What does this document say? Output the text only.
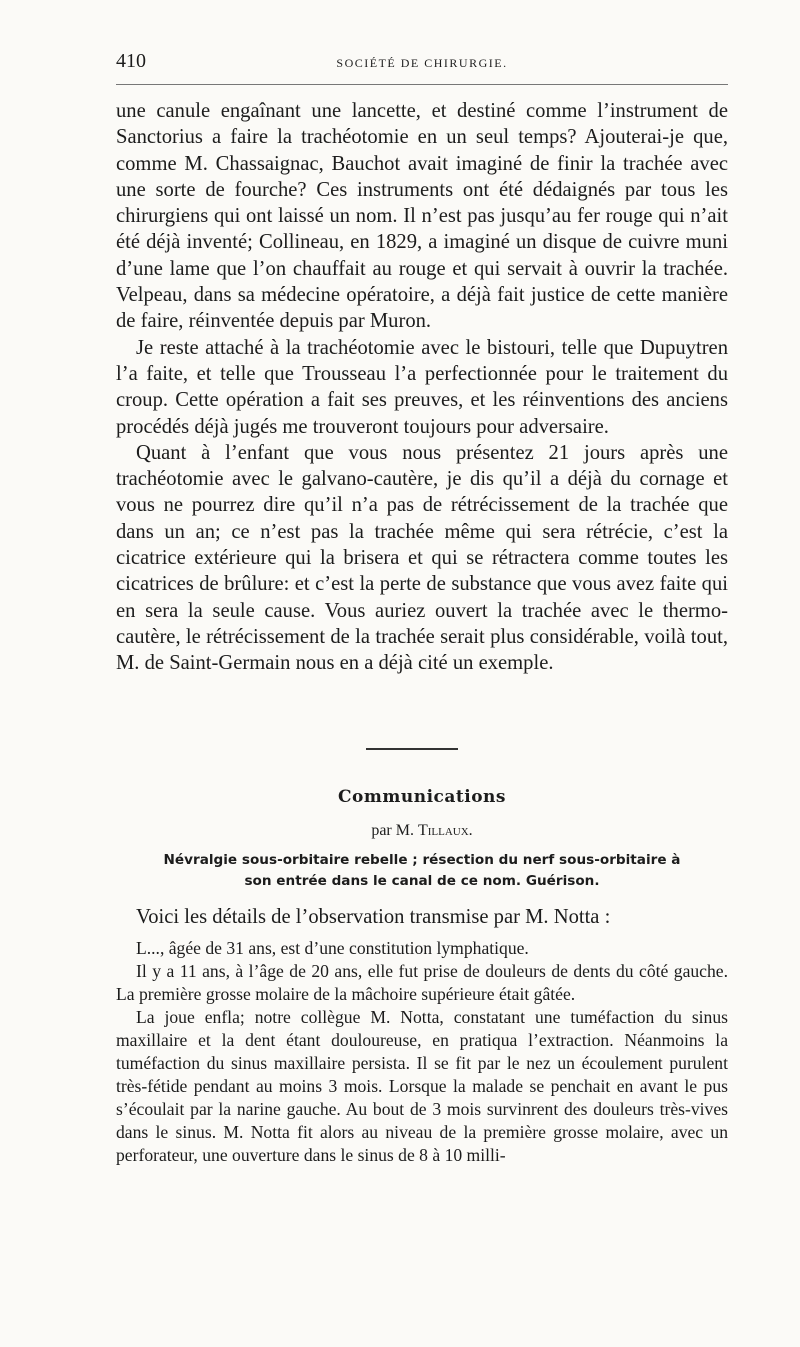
410	SOCIÉTÉ DE CHIRURGIE.

une canule engaînant une lancette, et destiné comme l’instrument de Sanctorius a faire la trachéotomie en un seul temps? Ajouterai-je que, comme M. Chassaignac, Bauchot avait imaginé de finir la trachée avec une sorte de fourche? Ces instruments ont été dédaignés par tous les chirurgiens qui ont laissé un nom. Il n’est pas jusqu’au fer rouge qui n’ait été déjà inventé; Collineau, en 1829, a imaginé un disque de cuivre muni d’une lame que l’on chauffait au rouge et qui servait à ouvrir la trachée. Velpeau, dans sa médecine opératoire, a déjà fait justice de cette manière de faire, réinventée depuis par Muron.

Je reste attaché à la trachéotomie avec le bistouri, telle que Dupuytren l’a faite, et telle que Trousseau l’a perfectionnée pour le traitement du croup. Cette opération a fait ses preuves, et les réinventions des anciens procédés déjà jugés me trouveront toujours pour adversaire.

Quant à l’enfant que vous nous présentez 21 jours après une trachéotomie avec le galvano-cautère, je dis qu’il a déjà du cornage et vous ne pourrez dire qu’il n’a pas de rétrécissement de la trachée que dans un an; ce n’est pas la trachée même qui sera rétrécie, c’est la cicatrice extérieure qui la brisera et qui se rétractera comme toutes les cicatrices de brûlure: et c’est la perte de substance que vous avez faite qui en sera la seule cause. Vous auriez ouvert la trachée avec le thermo-cautère, le rétrécissement de la trachée serait plus considérable, voilà tout, M. de Saint-Germain nous en a déjà cité un exemple.

Communications
par M. Tillaux.
Névralgie sous-orbitaire rebelle ; résection du nerf sous-orbitaire à
son entrée dans le canal de ce nom. Guérison.
Voici les détails de l’observation transmise par M. Notta :

L..., âgée de 31 ans, est d’une constitution lymphatique.

Il y a 11 ans, à l’âge de 20 ans, elle fut prise de douleurs de dents du côté gauche. La première grosse molaire de la mâchoire supérieure était gâtée.

La joue enfla; notre collègue M. Notta, constatant une tuméfaction du sinus maxillaire et la dent étant douloureuse, en pratiqua l’extraction. Néanmoins la tuméfaction du sinus maxillaire persista. Il se fit par le nez un écoulement purulent très-fétide pendant au moins 3 mois. Lorsque la malade se penchait en avant le pus s’écoulait par la narine gauche. Au bout de 3 mois survinrent des douleurs très-vives dans le sinus. M. Notta fit alors au niveau de la première grosse molaire, avec un perforateur, une ouverture dans le sinus de 8 à 10 milli-
